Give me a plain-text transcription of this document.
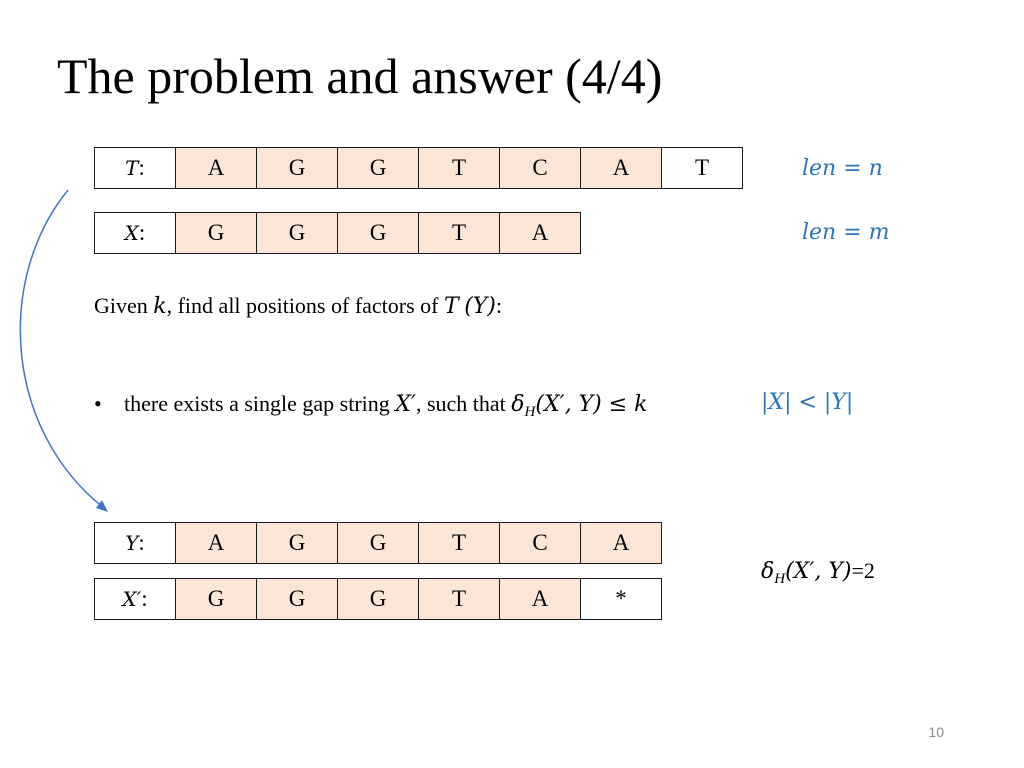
The problem and answer (4/4)
T:	A	G	G	T	C	A	T	len = n
X:	G	G	G	T	A	len = m
Given k, find all positions of factors of T (Y):
• there exists a single gap string X′, such that $\delta_H(X'$, Y) ≤ k	|X| < |Y|
Y:	A	G	G	T	C	A
X′:	G	G	G	T	A	*
$\delta_H(X'$, Y)=2
10
